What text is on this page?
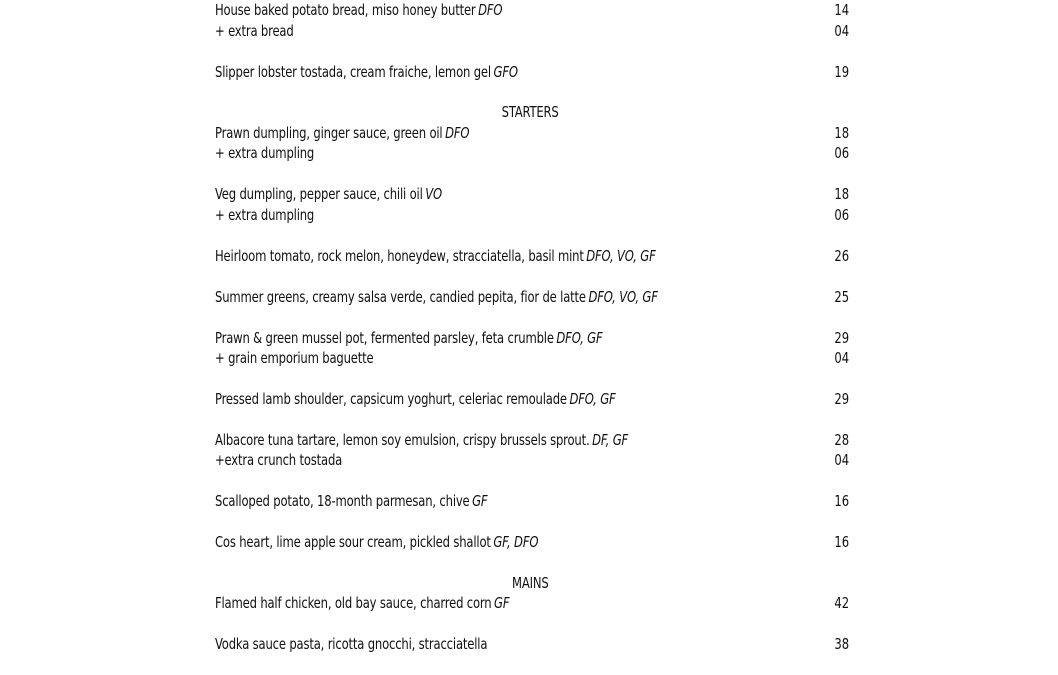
House baked potato bread, miso honey butter DFO	14
+ extra bread	04
Slipper lobster tostada, cream fraiche, lemon gel GFO	19
STARTERS
Prawn dumpling, ginger sauce, green oil DFO	18
+ extra dumpling	06
Veg dumpling, pepper sauce, chili oil VO	18
+ extra dumpling	06
Heirloom tomato, rock melon, honeydew, stracciatella, basil mint DFO, VO, GF	26
Summer greens, creamy salsa verde, candied pepita, fior de latte DFO, VO, GF	25
Prawn & green mussel pot, fermented parsley, feta crumble DFO, GF	29
+ grain emporium baguette	04
Pressed lamb shoulder, capsicum yoghurt, celeriac remoulade DFO, GF	29
Albacore tuna tartare, lemon soy emulsion, crispy brussels sprout. DF, GF	28
+extra crunch tostada	04
Scalloped potato, 18-month parmesan, chive GF	16
Cos heart, lime apple sour cream, pickled shallot GF, DFO	16
MAINS
Flamed half chicken, old bay sauce, charred corn GF	42
Vodka sauce pasta, ricotta gnocchi, stracciatella	38
